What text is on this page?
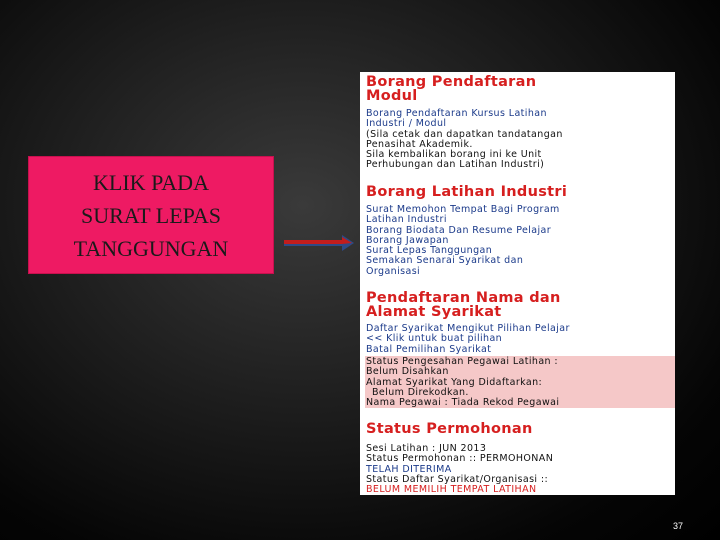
KLIK PADA
SURAT LEPAS
TANGGUNGAN
Borang Pendaftaran
Modul
Borang Pendaftaran Kursus Latihan
Industri / Modul
(Sila cetak dan dapatkan tandatangan
Penasihat Akademik.
Sila kembalikan borang ini ke Unit
Perhubungan dan Latihan Industri)
Borang Latihan Industri
Surat Memohon Tempat Bagi Program
Latihan Industri
Borang Biodata Dan Resume Pelajar
Borang Jawapan
Surat Lepas Tanggungan
Semakan Senarai Syarikat dan
Organisasi
Pendaftaran Nama dan
Alamat Syarikat
Daftar Syarikat Mengikut Pilihan Pelajar
<< Klik untuk buat pilihan
Batal Pemilihan Syarikat
Status Pengesahan Pegawai Latihan :
Belum Disahkan
Alamat Syarikat Yang Didaftarkan:
Belum Direkodkan.
Nama Pegawai : Tiada Rekod Pegawai
Status Permohonan
Sesi Latihan : JUN 2013
Status Permohonan :: PERMOHONAN
TELAH DITERIMA
Status Daftar Syarikat/Organisasi ::
BELUM MEMILIH TEMPAT LATIHAN
37
